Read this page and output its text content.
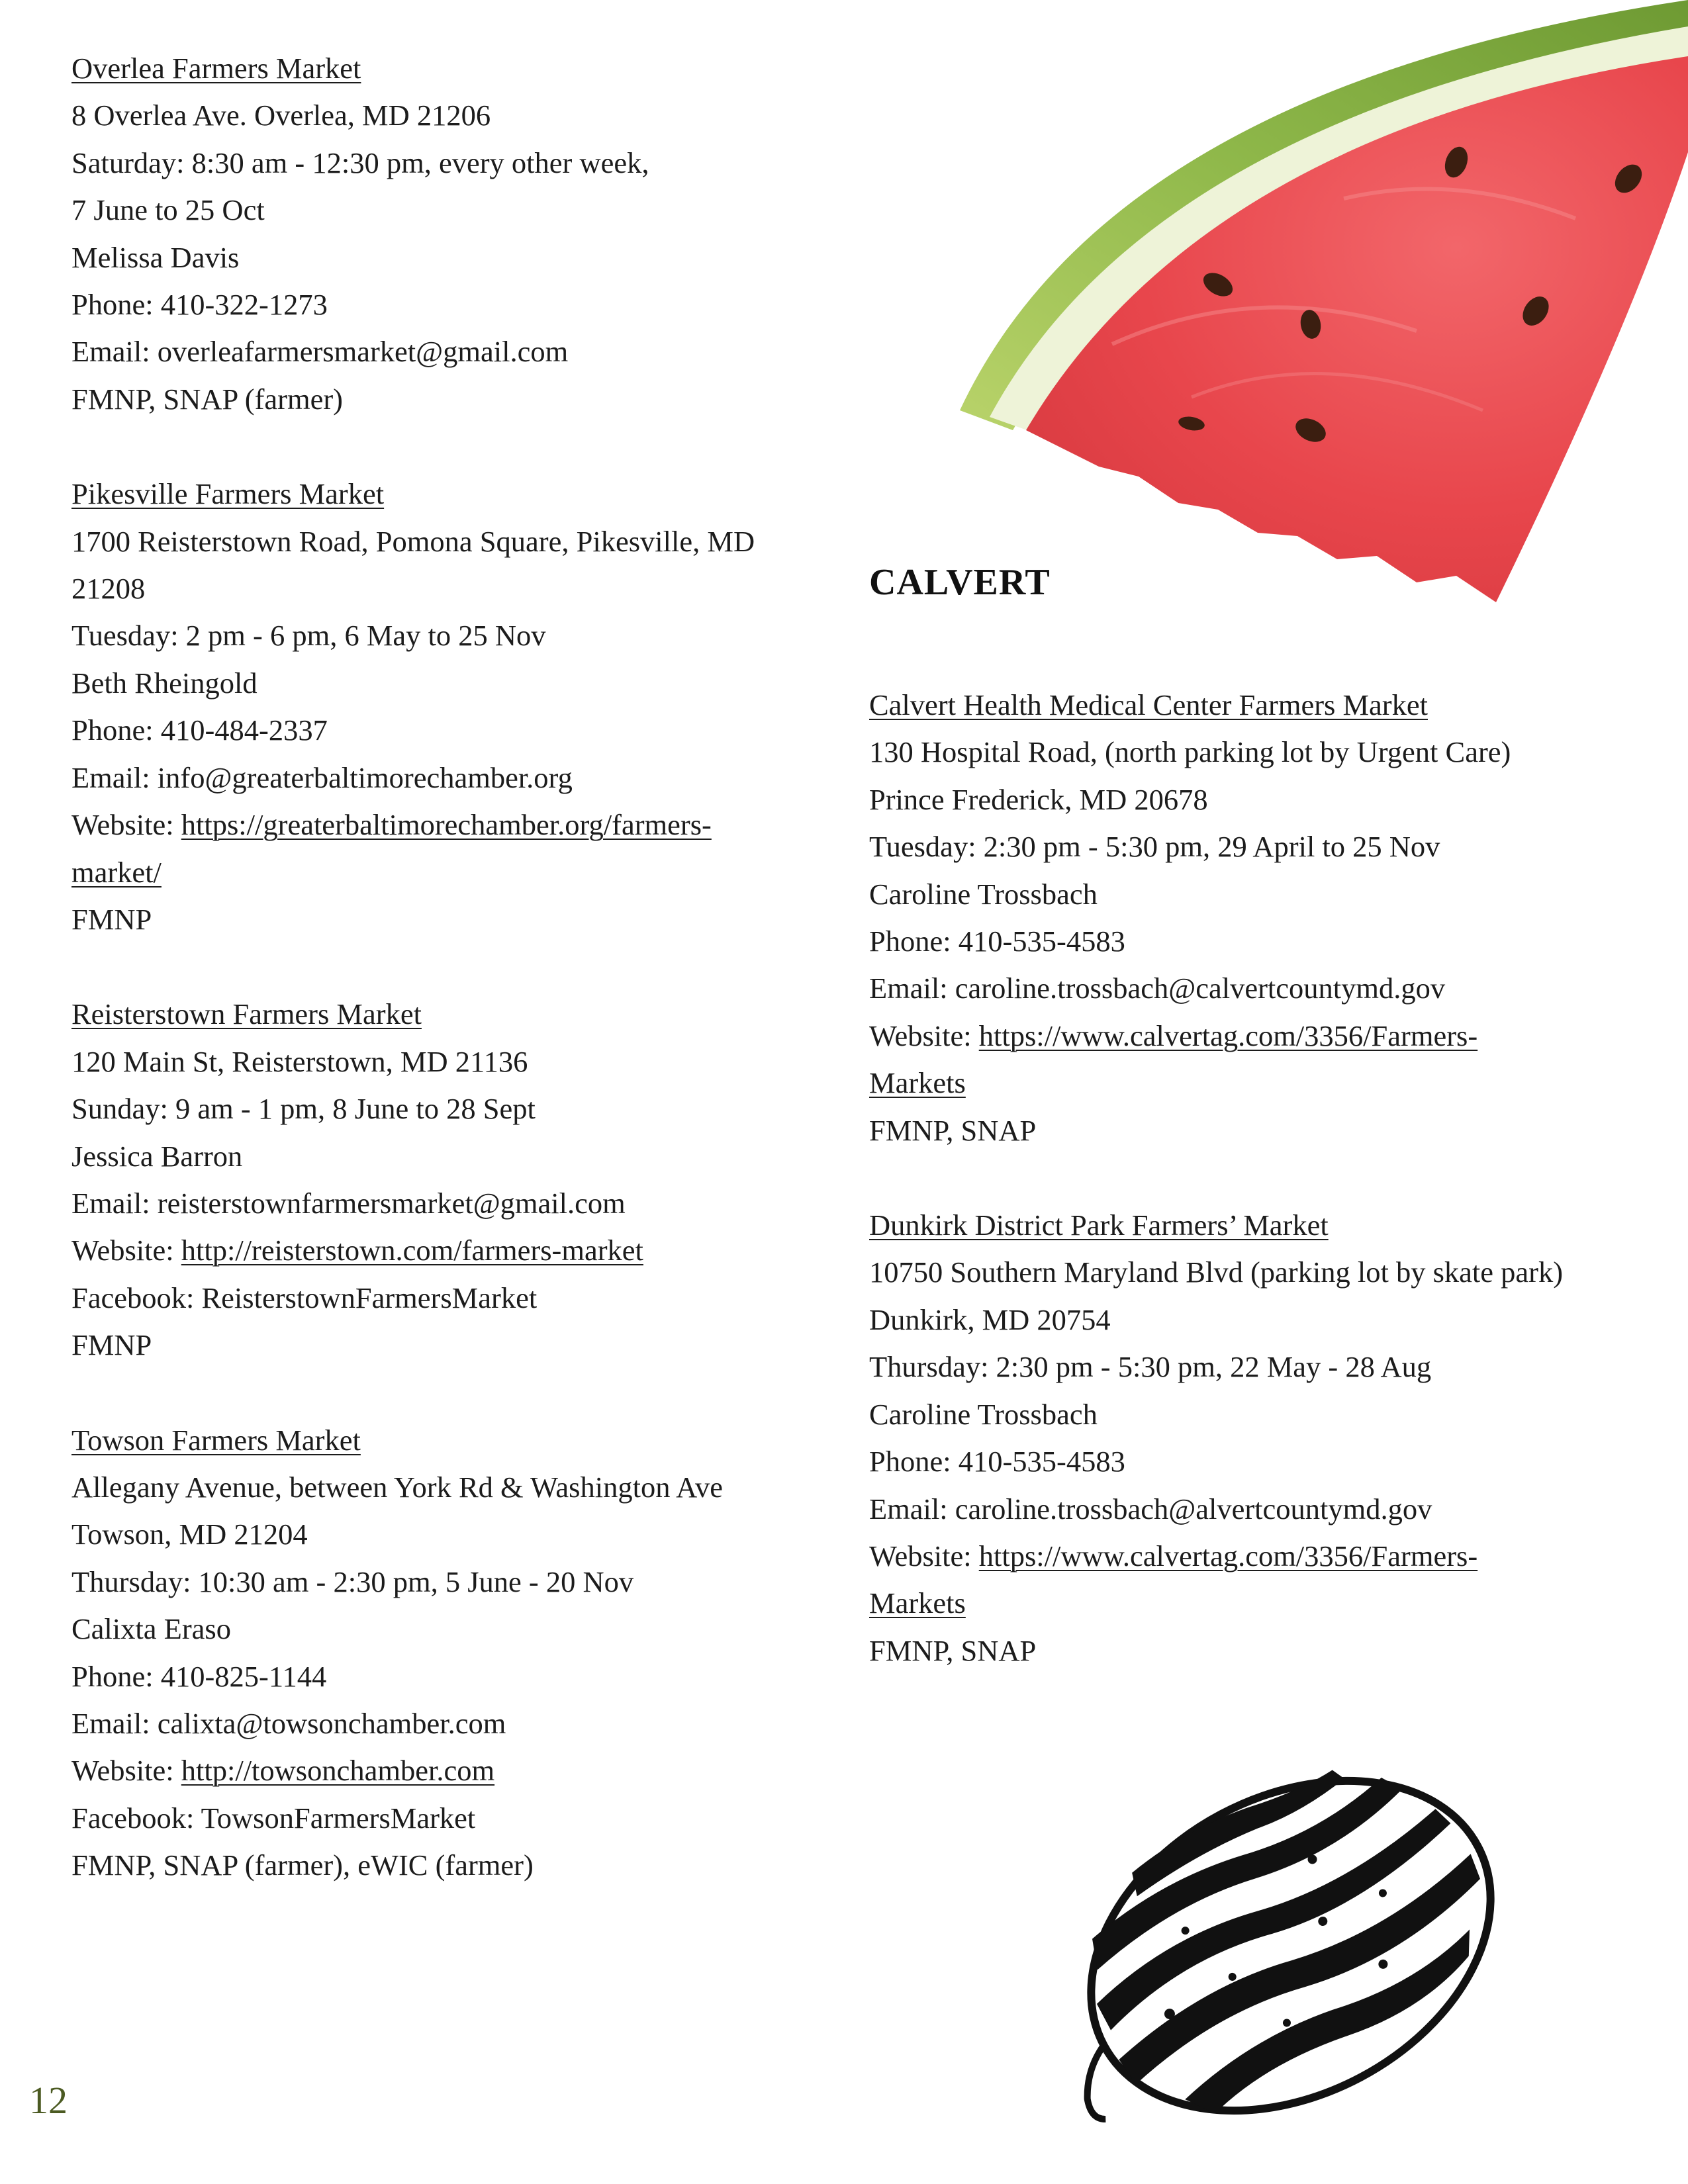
Overlea Farmers Market
8 Overlea Ave. Overlea, MD 21206
Saturday: 8:30 am - 12:30 pm, every other week,
7 June to 25 Oct
Melissa Davis
Phone: 410-322-1273
Email: overleafarmersmarket@gmail.com
FMNP, SNAP (farmer)
Pikesville Farmers Market
1700 Reisterstown Road, Pomona Square, Pikesville, MD
21208
Tuesday: 2 pm - 6 pm, 6 May to 25 Nov
Beth Rheingold
Phone: 410-484-2337
Email: info@greaterbaltimorechamber.org
Website: https://greaterbaltimorechamber.org/farmers-
market/
FMNP
Reisterstown Farmers Market
120 Main St, Reisterstown, MD 21136
Sunday: 9 am - 1 pm, 8 June to 28 Sept
Jessica Barron
Email: reisterstownfarmersmarket@gmail.com
Website: http://reisterstown.com/farmers-market
Facebook: ReisterstownFarmersMarket
FMNP
Towson Farmers Market
Allegany Avenue, between York Rd & Washington Ave
Towson, MD 21204
Thursday: 10:30 am - 2:30 pm, 5 June - 20 Nov
Calixta Eraso
Phone: 410-825-1144
Email: calixta@towsonchamber.com
Website: http://towsonchamber.com
Facebook: TowsonFarmersMarket
FMNP, SNAP (farmer), eWIC (farmer)
CALVERT
Calvert Health Medical Center Farmers Market
130 Hospital Road, (north parking lot by Urgent Care)
Prince Frederick, MD 20678
Tuesday: 2:30 pm - 5:30 pm, 29 April to 25 Nov
Caroline Trossbach
Phone: 410-535-4583
Email: caroline.trossbach@calvertcountymd.gov
Website: https://www.calvertag.com/3356/Farmers-
Markets
FMNP, SNAP
Dunkirk District Park Farmers’ Market
10750 Southern Maryland Blvd (parking lot by skate park)
Dunkirk, MD 20754
Thursday: 2:30 pm - 5:30 pm, 22 May - 28 Aug
Caroline Trossbach
Phone: 410-535-4583
Email: caroline.trossbach@alvertcountymd.gov
Website: https://www.calvertag.com/3356/Farmers-
Markets
FMNP, SNAP
12
